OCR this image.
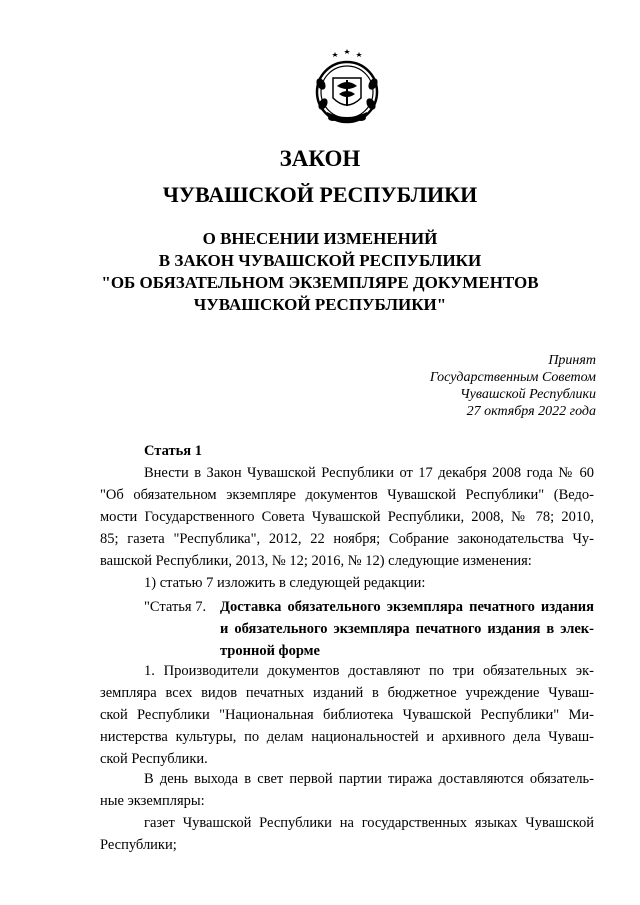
ЗАКОН
ЧУВАШСКОЙ РЕСПУБЛИКИ
О ВНЕСЕНИИ ИЗМЕНЕНИЙ
В ЗАКОН ЧУВАШСКОЙ РЕСПУБЛИКИ
"ОБ ОБЯЗАТЕЛЬНОМ ЭКЗЕМПЛЯРЕ ДОКУМЕНТОВ
ЧУВАШСКОЙ РЕСПУБЛИКИ"
Принят
Государственным Советом
Чувашской Республики
27 октября 2022 года
Статья 1
Внести в Закон Чувашской Республики от 17 декабря 2008 года № 60
"Об обязательном экземпляре документов Чувашской Республики" (Ведо-
мости Государственного Совета Чувашской Республики, 2008, № 78; 2010,
85; газета "Республика", 2012, 22 ноября; Собрание законодательства Чу-
вашской Республики, 2013, № 12; 2016, № 12) следующие изменения:
1) статью 7 изложить в следующей редакции:
"Статья 7. Доставка обязательного экземпляра печатного издания
и обязательного экземпляра печатного издания в элек-
тронной форме
1. Производители документов доставляют по три обязательных эк-
земпляра всех видов печатных изданий в бюджетное учреждение Чуваш-
ской Республики "Национальная библиотека Чувашской Республики" Ми-
нистерства культуры, по делам национальностей и архивного дела Чуваш-
ской Республики.
В день выхода в свет первой партии тиража доставляются обязатель-
ные экземпляры:
газет Чувашской Республики на государственных языках Чувашской
Республики;
